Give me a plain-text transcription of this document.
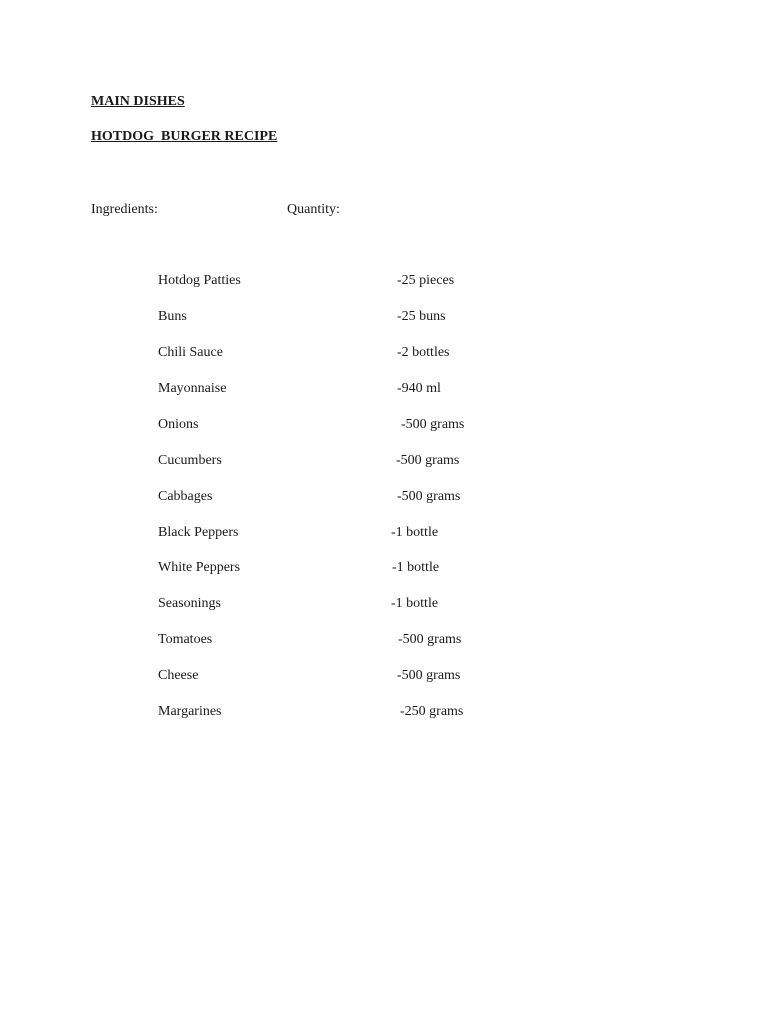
MAIN DISHES
HOTDOG  BURGER RECIPE
Ingredients:	Quantity:
Hotdog Patties	-25 pieces
Buns	-25 buns
Chili Sauce	-2 bottles
Mayonnaise	-940 ml
Onions	-500 grams
Cucumbers	-500 grams
Cabbages	-500 grams
Black Peppers	-1 bottle
White Peppers	-1 bottle
Seasonings	-1 bottle
Tomatoes	-500 grams
Cheese	-500 grams
Margarines	-250 grams
